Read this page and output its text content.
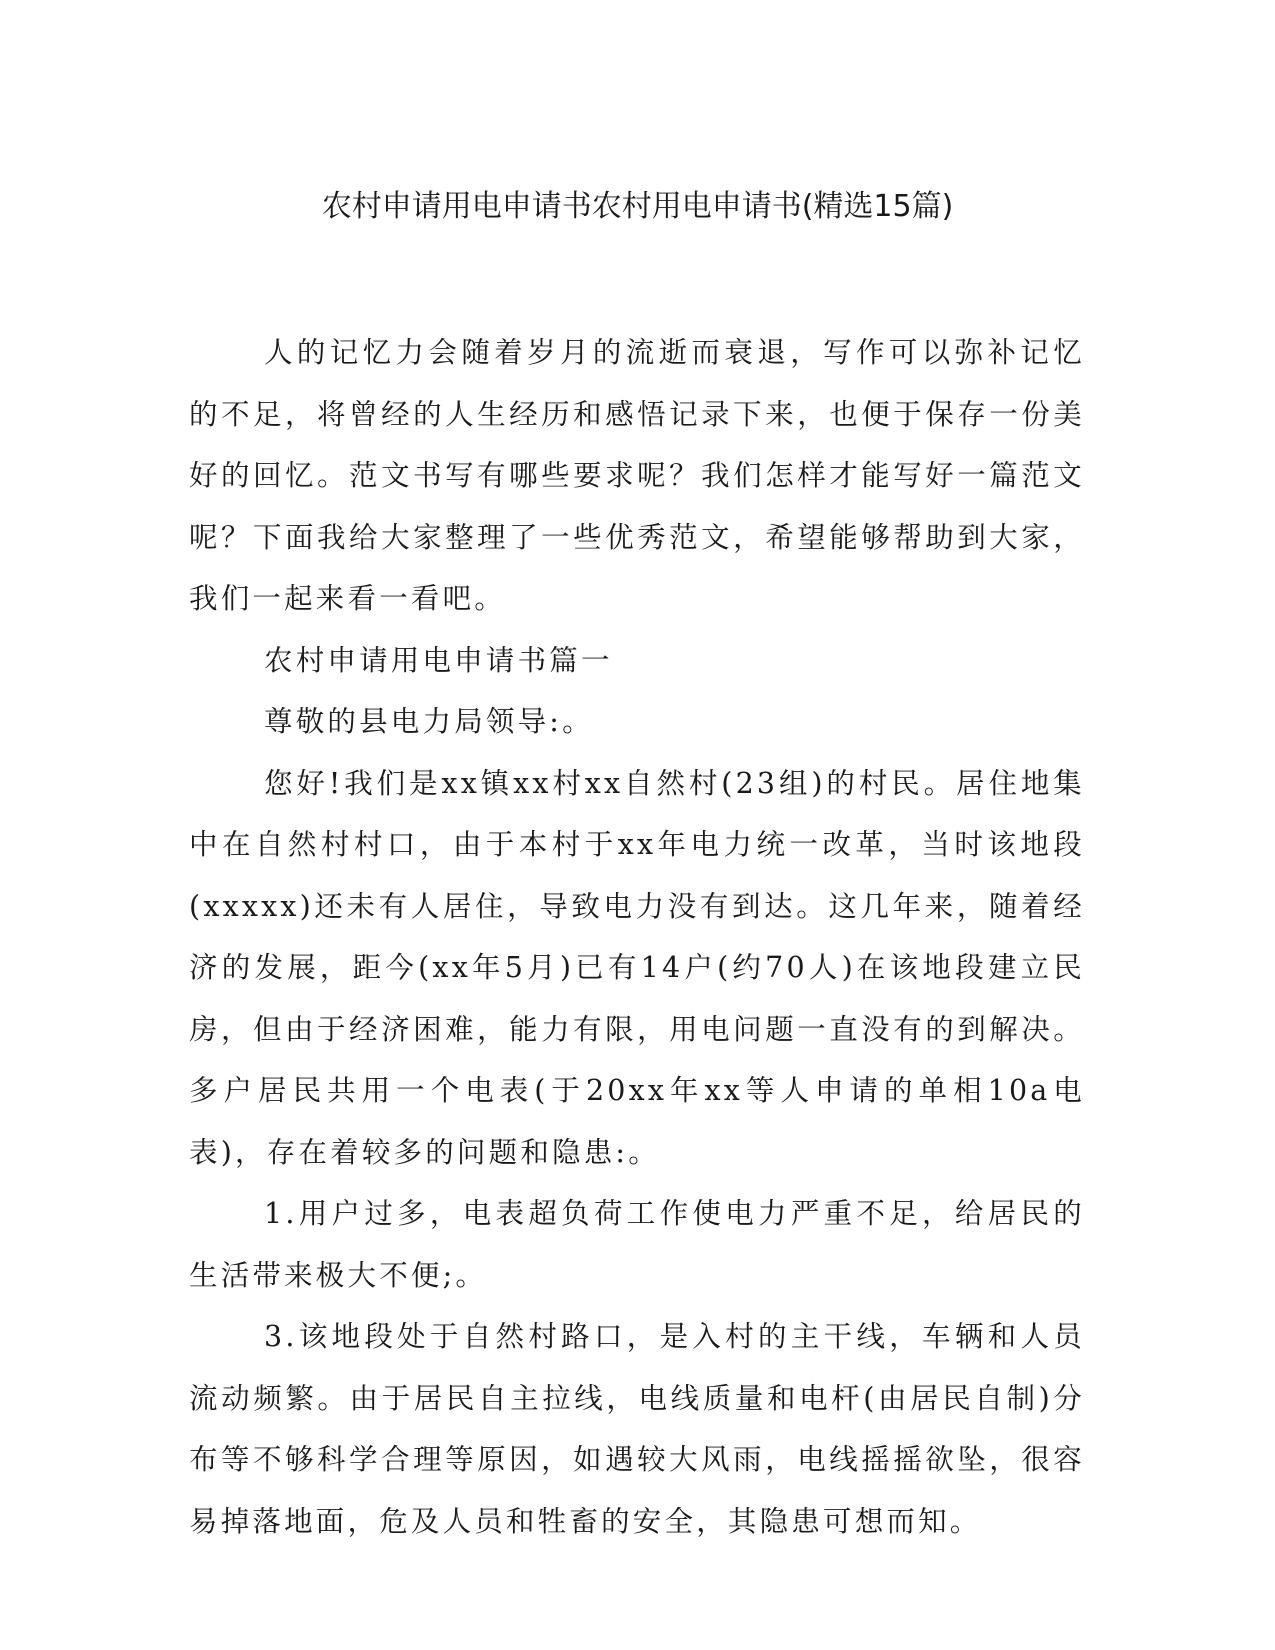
农村申请用电申请书农村用电申请书(精选15篇)

人的记忆力会随着岁月的流逝而衰退，写作可以弥补记忆的不足，将曾经的人生经历和感悟记录下来，也便于保存一份美好的回忆。范文书写有哪些要求呢？我们怎样才能写好一篇范文呢？下面我给大家整理了一些优秀范文，希望能够帮助到大家，我们一起来看一看吧。

农村申请用电申请书篇一

尊敬的县电力局领导:。

您好!我们是xx镇xx村xx自然村(23组)的村民。居住地集中在自然村村口，由于本村于xx年电力统一改革，当时该地段(xxxxx)还未有人居住，导致电力没有到达。这几年来，随着经济的发展，距今(xx年5月)已有14户(约70人)在该地段建立民房，但由于经济困难，能力有限，用电问题一直没有的到解决。多户居民共用一个电表(于20xx年xx等人申请的单相10a电表)，存在着较多的问题和隐患:。

1.用户过多，电表超负荷工作使电力严重不足，给居民的生活带来极大不便;。

3.该地段处于自然村路口，是入村的主干线，车辆和人员流动频繁。由于居民自主拉线，电线质量和电杆(由居民自制)分布等不够科学合理等原因，如遇较大风雨，电线摇摇欲坠，很容易掉落地面，危及人员和牲畜的安全，其隐患可想而知。
